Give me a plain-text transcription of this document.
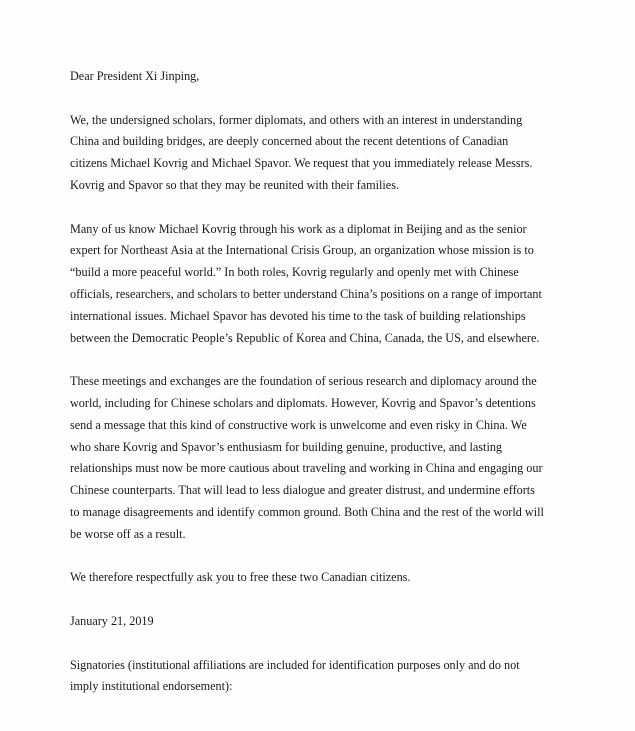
Dear President Xi Jinping,

We, the undersigned scholars, former diplomats, and others with an interest in understanding
China and building bridges, are deeply concerned about the recent detentions of Canadian
citizens Michael Kovrig and Michael Spavor. We request that you immediately release Messrs.
Kovrig and Spavor so that they may be reunited with their families.

Many of us know Michael Kovrig through his work as a diplomat in Beijing and as the senior
expert for Northeast Asia at the International Crisis Group, an organization whose mission is to
“build a more peaceful world.” In both roles, Kovrig regularly and openly met with Chinese
officials, researchers, and scholars to better understand China’s positions on a range of important
international issues. Michael Spavor has devoted his time to the task of building relationships
between the Democratic People’s Republic of Korea and China, Canada, the US, and elsewhere.

These meetings and exchanges are the foundation of serious research and diplomacy around the
world, including for Chinese scholars and diplomats. However, Kovrig and Spavor’s detentions
send a message that this kind of constructive work is unwelcome and even risky in China. We
who share Kovrig and Spavor’s enthusiasm for building genuine, productive, and lasting
relationships must now be more cautious about traveling and working in China and engaging our
Chinese counterparts. That will lead to less dialogue and greater distrust, and undermine efforts
to manage disagreements and identify common ground. Both China and the rest of the world will
be worse off as a result.

We therefore respectfully ask you to free these two Canadian citizens.

January 21, 2019

Signatories (institutional affiliations are included for identification purposes only and do not
imply institutional endorsement):
